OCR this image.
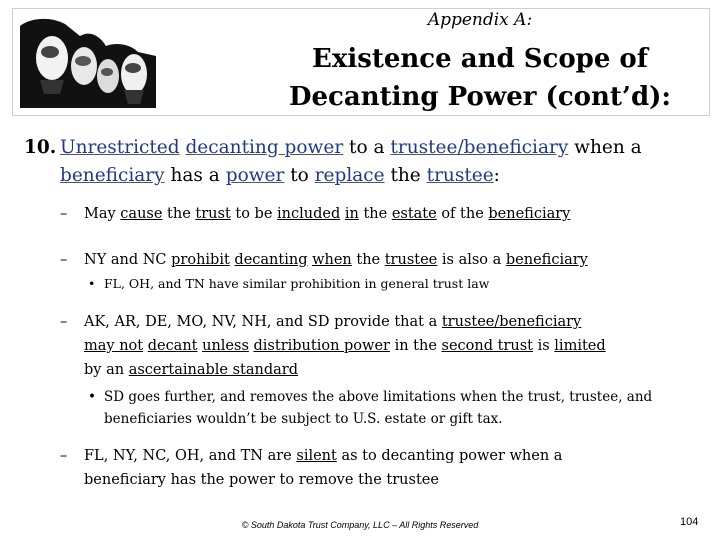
Appendix A:
Existence and Scope of
Decanting Power (cont’d):
10. Unrestricted decanting power to a trustee/beneficiary when a
beneficiary has a power to replace the trustee:
– May cause the trust to be included in the estate of the beneficiary
– NY and NC prohibit decanting when the trustee is also a beneficiary
• FL, OH, and TN have similar prohibition in general trust law
– AK, AR, DE, MO, NV, NH, and SD provide that a trustee/beneficiary
may not decant unless distribution power in the second trust is limited
by an ascertainable standard
• SD goes further, and removes the above limitations when the trust, trustee, and
beneficiaries wouldn’t be subject to U.S. estate or gift tax.
– FL, NY, NC, OH, and TN are silent as to decanting power when a
beneficiary has the power to remove the trustee
© South Dakota Trust Company, LLC – All Rights Reserved	104
